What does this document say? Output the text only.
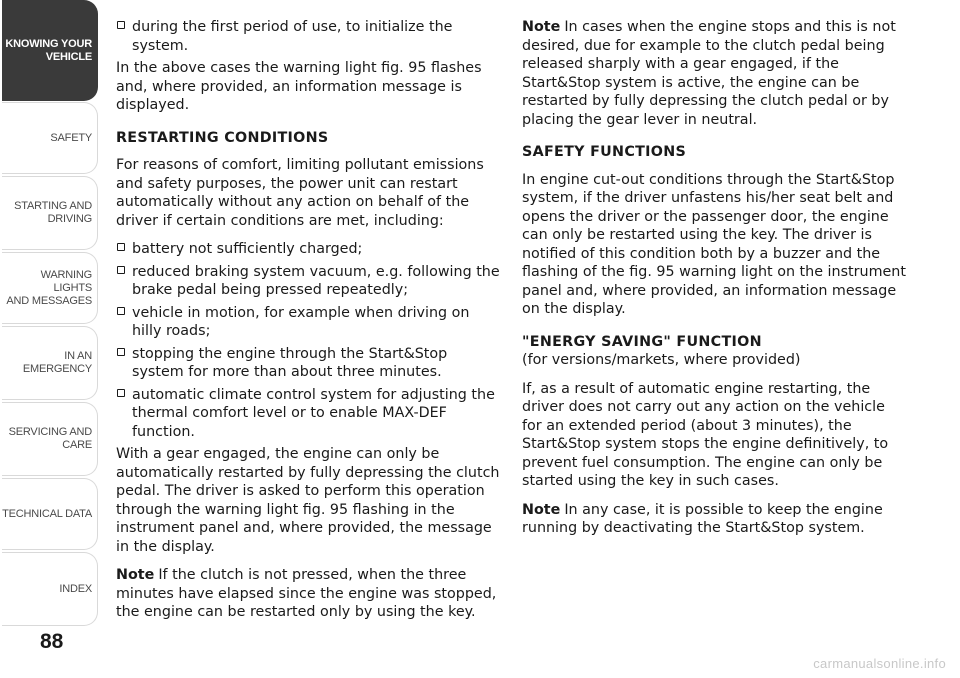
KNOWING YOUR
VEHICLE
SAFETY
STARTING AND
DRIVING
WARNING LIGHTS
AND MESSAGES
IN AN EMERGENCY
SERVICING AND
CARE
TECHNICAL DATA
INDEX
88
during the first period of use, to initialize the system.

In the above cases the warning light fig. 95 flashes and, where provided, an information message is displayed.

RESTARTING CONDITIONS

For reasons of comfort, limiting pollutant emissions and safety purposes, the power unit can restart automatically without any action on behalf of the driver if certain conditions are met, including:

battery not sufficiently charged;
reduced braking system vacuum, e.g. following the brake pedal being pressed repeatedly;
vehicle in motion, for example when driving on hilly roads;
stopping the engine through the Start&Stop system for more than about three minutes.
automatic climate control system for adjusting the thermal comfort level or to enable MAX-DEF function.

With a gear engaged, the engine can only be automatically restarted by fully depressing the clutch pedal. The driver is asked to perform this operation through the warning light fig. 95 flashing in the instrument panel and, where provided, the message in the display.

Note If the clutch is not pressed, when the three minutes have elapsed since the engine was stopped, the engine can be restarted only by using the key.

Note In cases when the engine stops and this is not desired, due for example to the clutch pedal being released sharply with a gear engaged, if the Start&Stop system is active, the engine can be restarted by fully depressing the clutch pedal or by placing the gear lever in neutral.

SAFETY FUNCTIONS

In engine cut-out conditions through the Start&Stop system, if the driver unfastens his/her seat belt and opens the driver or the passenger door, the engine can only be restarted using the key. The driver is notified of this condition both by a buzzer and the flashing of the fig. 95 warning light on the instrument panel and, where provided, an information message on the display.

"ENERGY SAVING" FUNCTION

(for versions/markets, where provided)

If, as a result of automatic engine restarting, the driver does not carry out any action on the vehicle for an extended period (about 3 minutes), the Start&Stop system stops the engine definitively, to prevent fuel consumption. The engine can only be started using the key in such cases.

Note In any case, it is possible to keep the engine running by deactivating the Start&Stop system.

carmanualsonline.info
